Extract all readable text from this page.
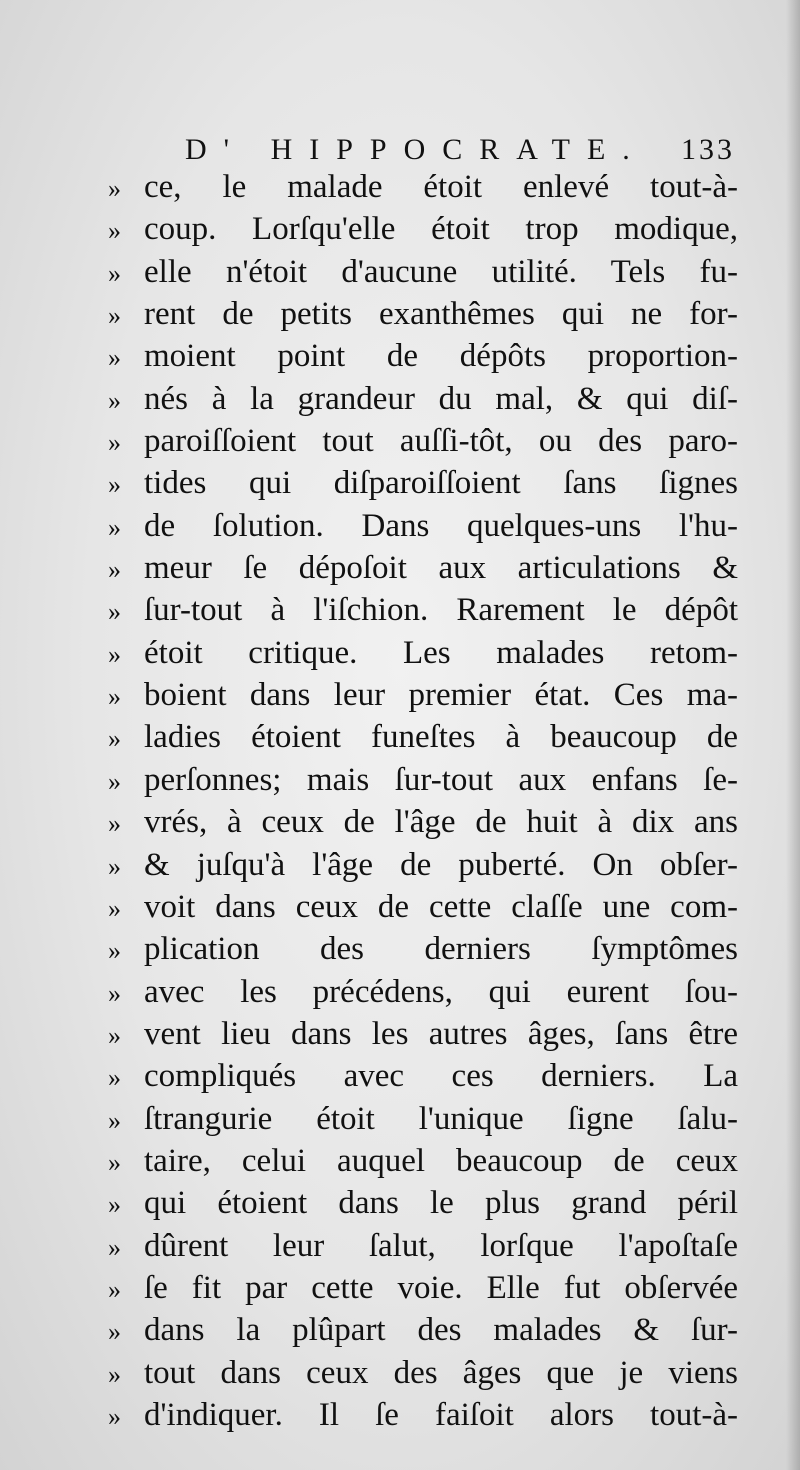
D' HIPPOCRATE. 133
» ce, le malade étoit enlevé tout-à-
» coup. Lorſqu'elle étoit trop modique,
» elle n'étoit d'aucune utilité. Tels fu-
» rent de petits exanthêmes qui ne for-
» moient point de dépôts proportion-
» nés à la grandeur du mal, & qui diſ-
» paroiſſoient tout auſſi-tôt, ou des paro-
» tides qui diſparoiſſoient ſans ſignes
» de ſolution. Dans quelques-uns l'hu-
» meur ſe dépoſoit aux articulations &
» ſur-tout à l'iſchion. Rarement le dépôt
» étoit critique. Les malades retom-
» boient dans leur premier état. Ces ma-
» ladies étoient funeſtes à beaucoup de
» perſonnes; mais ſur-tout aux enfans ſe-
» vrés, à ceux de l'âge de huit à dix ans
» & juſqu'à l'âge de puberté. On obſer-
» voit dans ceux de cette claſſe une com-
» plication des derniers ſymptômes
» avec les précédens, qui eurent ſou-
» vent lieu dans les autres âges, ſans être
» compliqués avec ces derniers. La
» ſtrangurie étoit l'unique ſigne ſalu-
» taire, celui auquel beaucoup de ceux
» qui étoient dans le plus grand péril
» dûrent leur ſalut, lorſque l'apoſtaſe
» ſe fit par cette voie. Elle fut obſervée
» dans la plûpart des malades & ſur-
» tout dans ceux des âges que je viens
» d'indiquer. Il ſe faiſoit alors tout-à-
